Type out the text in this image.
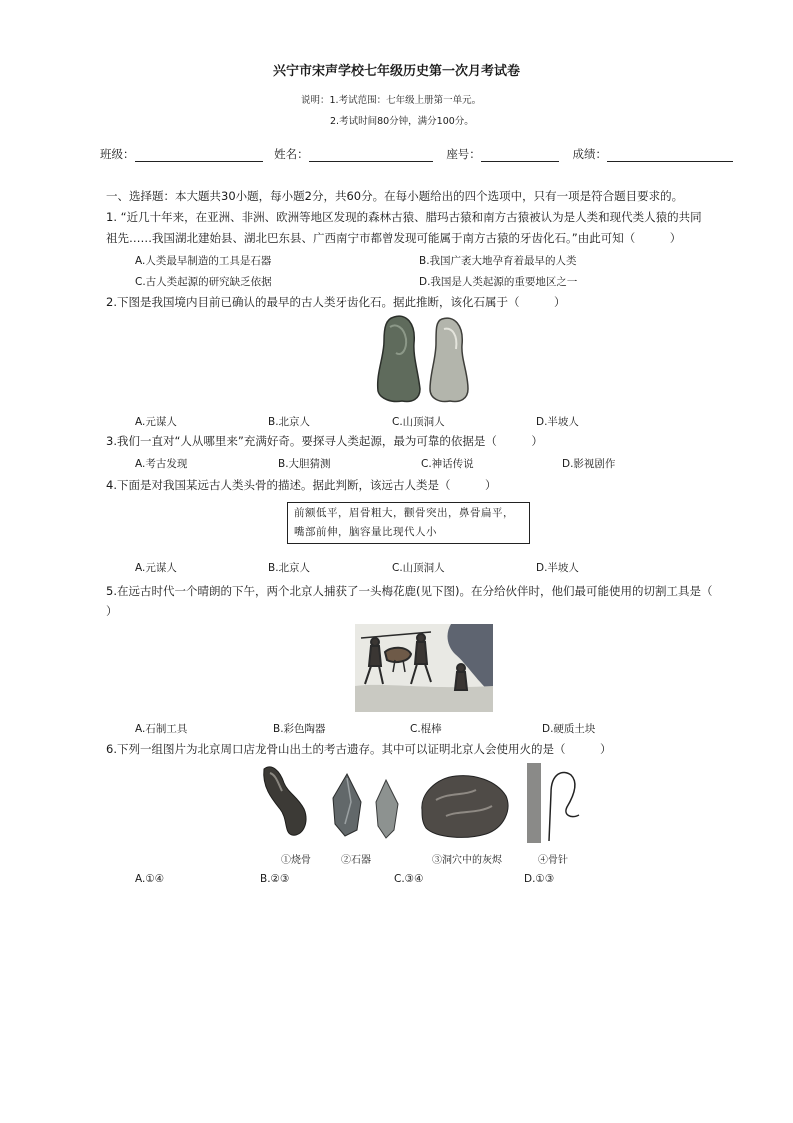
兴宁市宋声学校七年级历史第一次月考试卷
说明：1.考试范围：七年级上册第一单元。
2.考试时间80分钟，满分100分。
班级：	姓名：	座号：	成绩：
一、选择题：本大题共30小题，每小题2分，共60分。在每小题给出的四个选项中，只有一项是符合题目要求的。
1. “近几十年来，在亚洲、非洲、欧洲等地区发现的森林古猿、腊玛古猿和南方古猿被认为是人类和现代类人猿的共同
祖先……我国湖北建始县、湖北巴东县、广西南宁市都曾发现可能属于南方古猿的牙齿化石。”由此可知（　　　）
A.人类最早制造的工具是石器	B.我国广袤大地孕育着最早的人类
C.古人类起源的研究缺乏依据	D.我国是人类起源的重要地区之一
2.下图是我国境内目前已确认的最早的古人类牙齿化石。据此推断，该化石属于（　　　）
A.元谋人	B.北京人	C.山顶洞人	D.半坡人
3.我们一直对“人从哪里来”充满好奇。要探寻人类起源，最为可靠的依据是（　　　）
A.考古发现	B.大胆猜测	C.神话传说	D.影视剧作
4.下面是对我国某远古人类头骨的描述。据此判断，该远古人类是（　　　）
前额低平，眉骨粗大，颧骨突出，鼻骨扁平，嘴部前伸，脑容量比现代人小
A.元谋人	B.北京人	C.山顶洞人	D.半坡人
5.在远古时代一个晴朗的下午，两个北京人捕获了一头梅花鹿(见下图)。在分给伙伴时，他们最可能使用的切割工具是（
）
A.石制工具	B.彩色陶器	C.棍棒	D.硬质土块
6.下列一组图片为北京周口店龙骨山出土的考古遗存。其中可以证明北京人会使用火的是（　　　）
①烧骨	②石器	③洞穴中的灰烬	④骨针
A.①④	B.②③	C.③④	D.①③
